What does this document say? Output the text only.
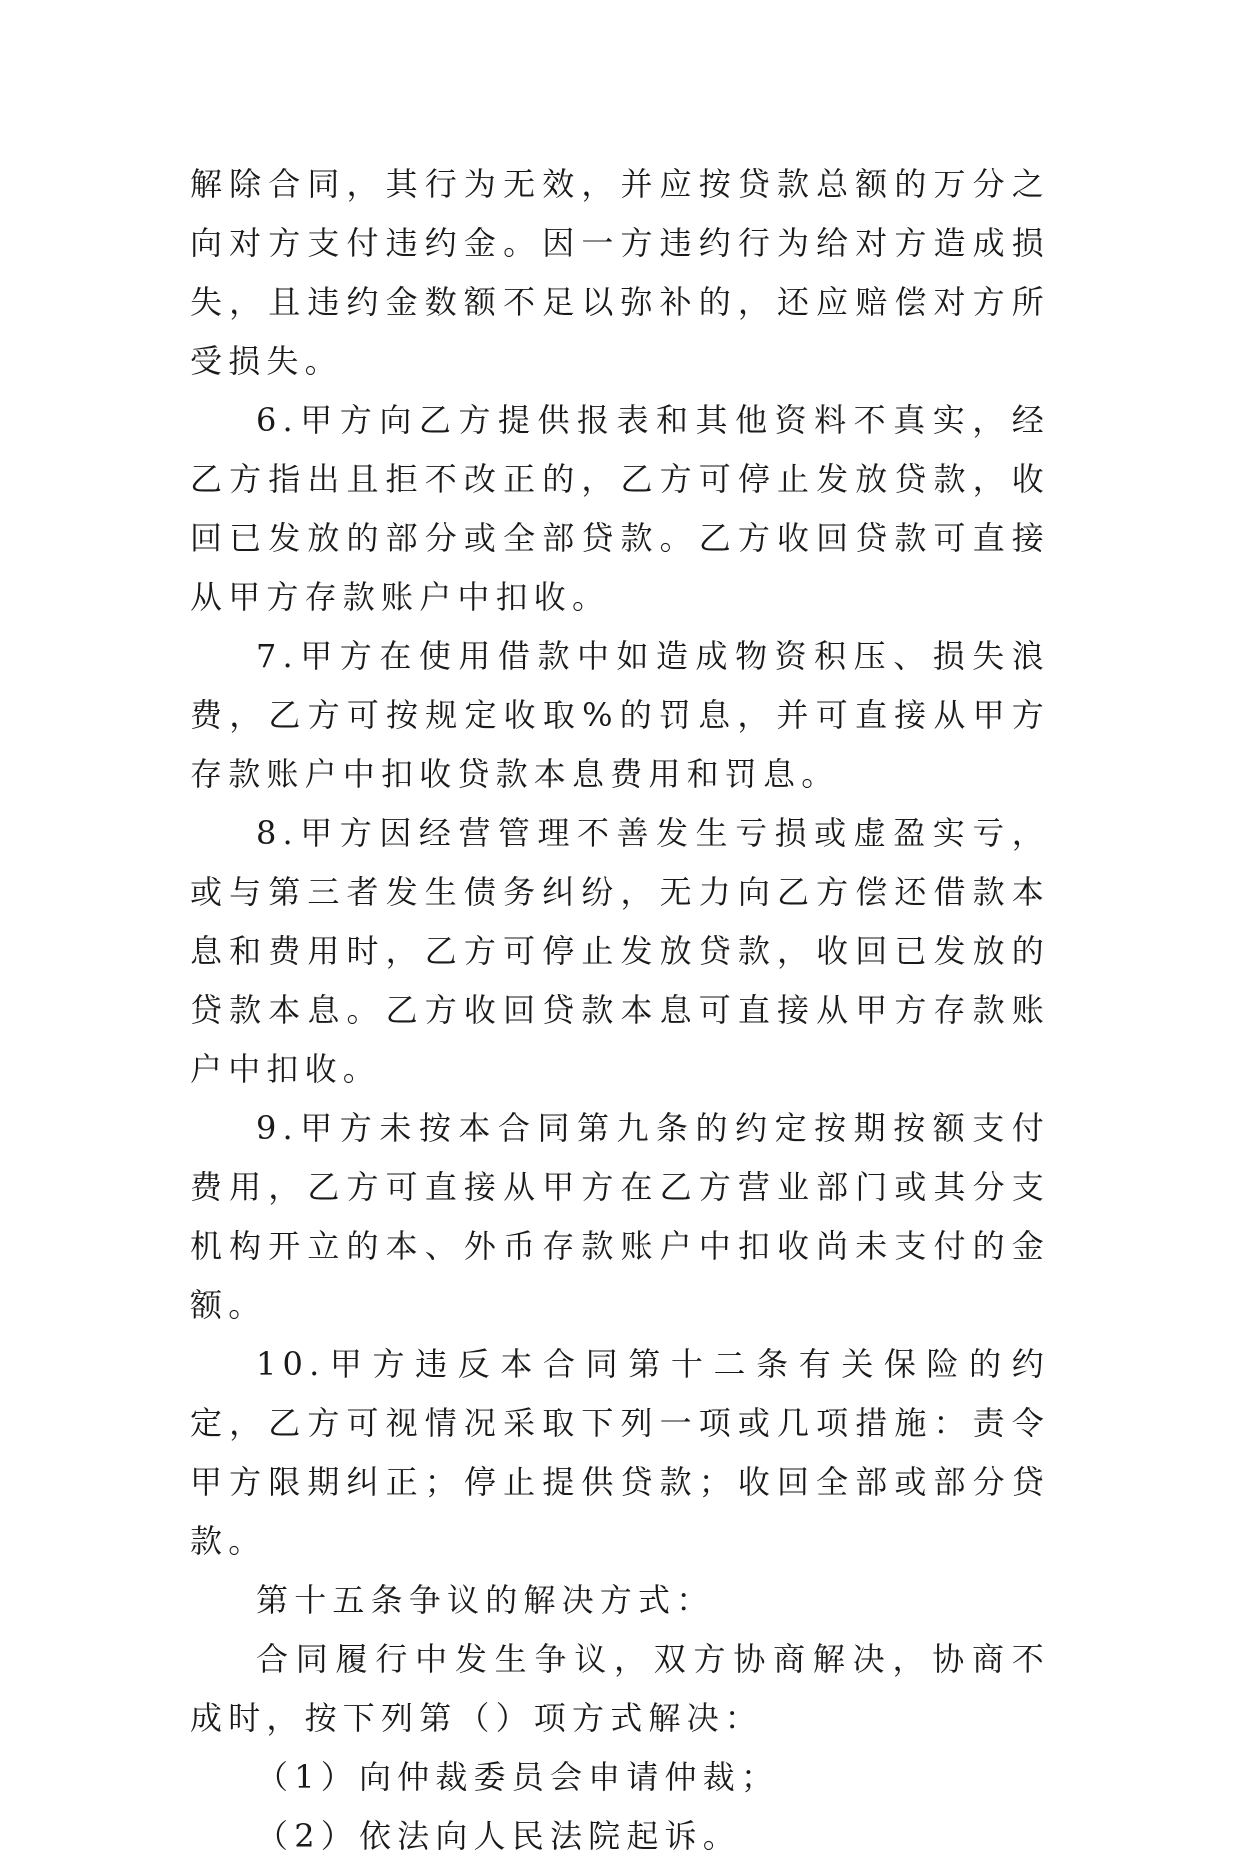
解除合同，其行为无效，并应按贷款总额的万分之向对方支付违约金。因一方违约行为给对方造成损失，且违约金数额不足以弥补的，还应赔偿对方所受损失。

6.甲方向乙方提供报表和其他资料不真实，经乙方指出且拒不改正的，乙方可停止发放贷款，收回已发放的部分或全部贷款。乙方收回贷款可直接从甲方存款账户中扣收。

7.甲方在使用借款中如造成物资积压、损失浪费，乙方可按规定收取%的罚息，并可直接从甲方存款账户中扣收贷款本息费用和罚息。

8.甲方因经营管理不善发生亏损或虚盈实亏，或与第三者发生债务纠纷，无力向乙方偿还借款本息和费用时，乙方可停止发放贷款，收回已发放的贷款本息。乙方收回贷款本息可直接从甲方存款账户中扣收。

9.甲方未按本合同第九条的约定按期按额支付费用，乙方可直接从甲方在乙方营业部门或其分支机构开立的本、外币存款账户中扣收尚未支付的金额。

10.甲方违反本合同第十二条有关保险的约定，乙方可视情况采取下列一项或几项措施：责令甲方限期纠正；停止提供贷款；收回全部或部分贷款。

第十五条争议的解决方式：

合同履行中发生争议，双方协商解决，协商不成时，按下列第（）项方式解决：

（1）向仲裁委员会申请仲裁；

（2）依法向人民法院起诉。
